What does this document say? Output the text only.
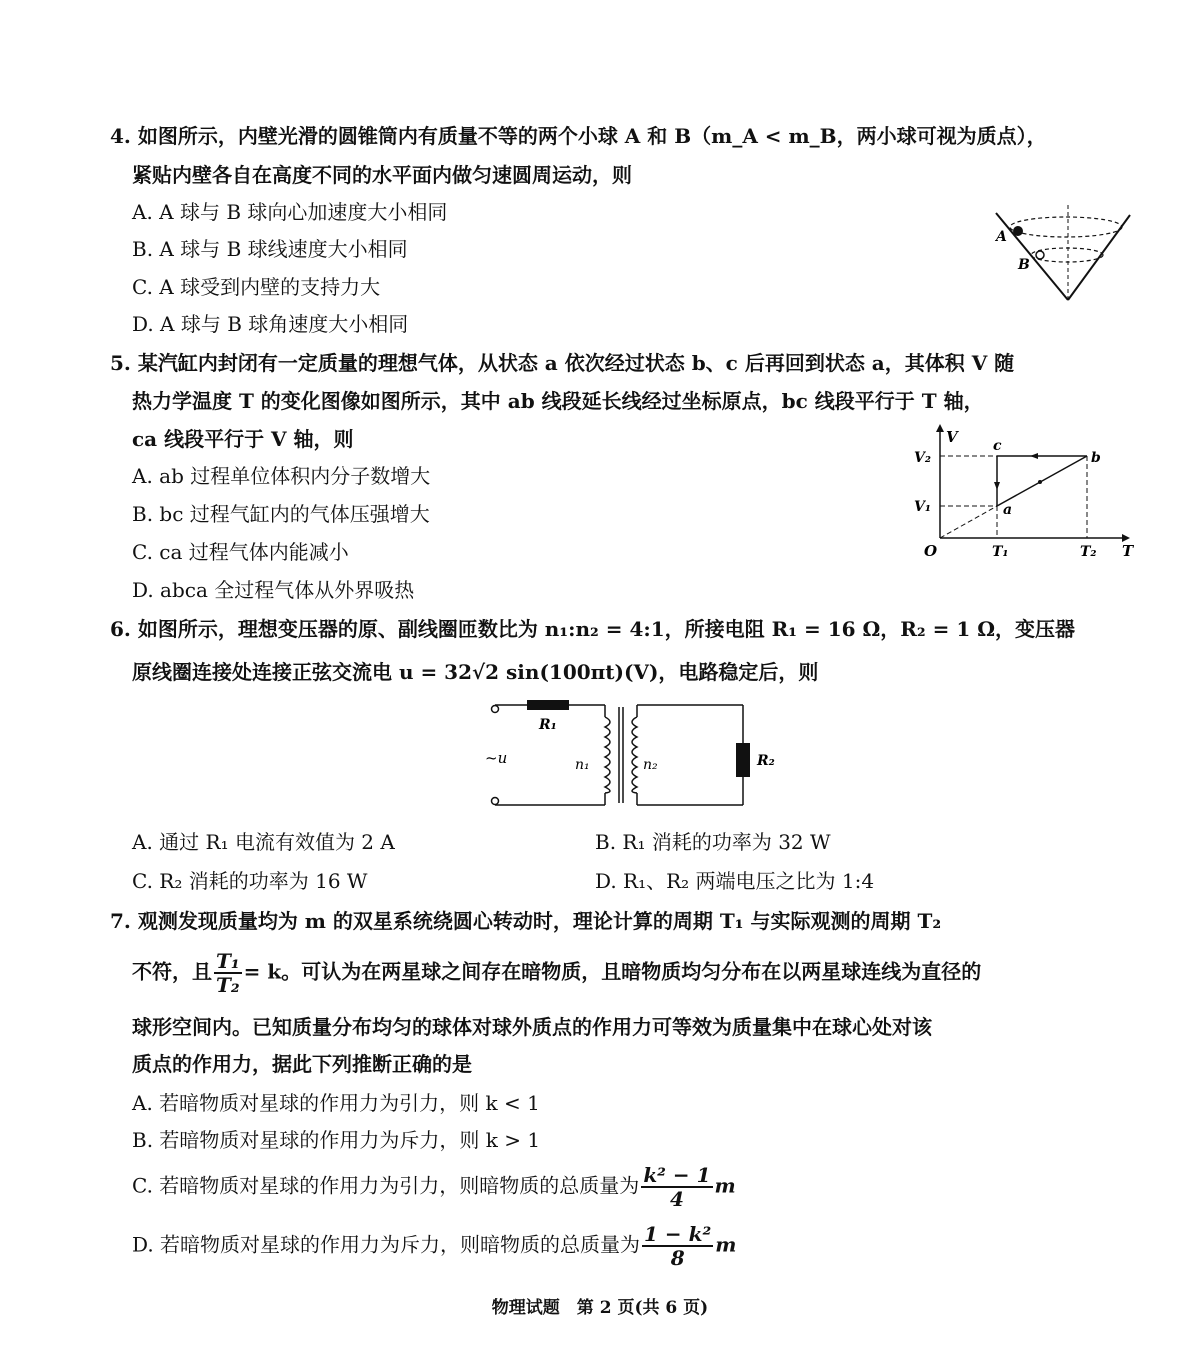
4. 如图所示，内壁光滑的圆锥筒内有质量不等的两个小球 A 和 B（m_A < m_B，两小球可视为质点），
紧贴内壁各自在高度不同的水平面内做匀速圆周运动，则
A. A 球与 B 球向心加速度大小相同
B. A 球与 B 球线速度大小相同
C. A 球受到内壁的支持力大
D. A 球与 B 球角速度大小相同
A
B
5. 某汽缸内封闭有一定质量的理想气体，从状态 a 依次经过状态 b、c 后再回到状态 a，其体积 V 随
热力学温度 T 的变化图像如图所示，其中 ab 线段延长线经过坐标原点，bc 线段平行于 T 轴，
ca 线段平行于 V 轴，则
A. ab 过程单位体积内分子数增大
B. bc 过程气缸内的气体压强增大
C. ca 过程气体内能减小
D. abca 全过程气体从外界吸热
V
T
O
V₂
V₁
T₁	T₂
a
b
c
6. 如图所示，理想变压器的原、副线圈匝数比为 n₁:n₂ = 4:1，所接电阻 R₁ = 16 Ω，R₂ = 1 Ω，变压器
原线圈连接处连接正弦交流电 u = 32√2 sin(100πt)(V)，电路稳定后，则
~u
R₁
R₂
n₁	n₂
A. 通过 R₁ 电流有效值为 2 A	B. R₁ 消耗的功率为 32 W
C. R₂ 消耗的功率为 16 W	D. R₁、R₂ 两端电压之比为 1:4
7. 观测发现质量均为 m 的双星系统绕圆心转动时，理论计算的周期 T₁ 与实际观测的周期 T₂
不符，且 $\frac{\text{T₁}}{\text{T₂}} = k$。可认为在两星球之间存在暗物质，且暗物质均匀分布在以两星球连线为直径的
球形空间内。已知质量分布均匀的球体对球外质点的作用力可等效为质量集中在球心处对该
质点的作用力，据此下列推断正确的是
A. 若暗物质对星球的作用力为引力，则 k < 1
B. 若暗物质对星球的作用力为斥力，则 k > 1
C. 若暗物质对星球的作用力为引力，则暗物质的总质量为 $\frac{\text{k² − 1}}{4}$ m
D. 若暗物质对星球的作用力为斥力，则暗物质的总质量为 $\frac{\text{1 − k²}}{8}$ m
物理试题　第 2 页(共 6 页)
